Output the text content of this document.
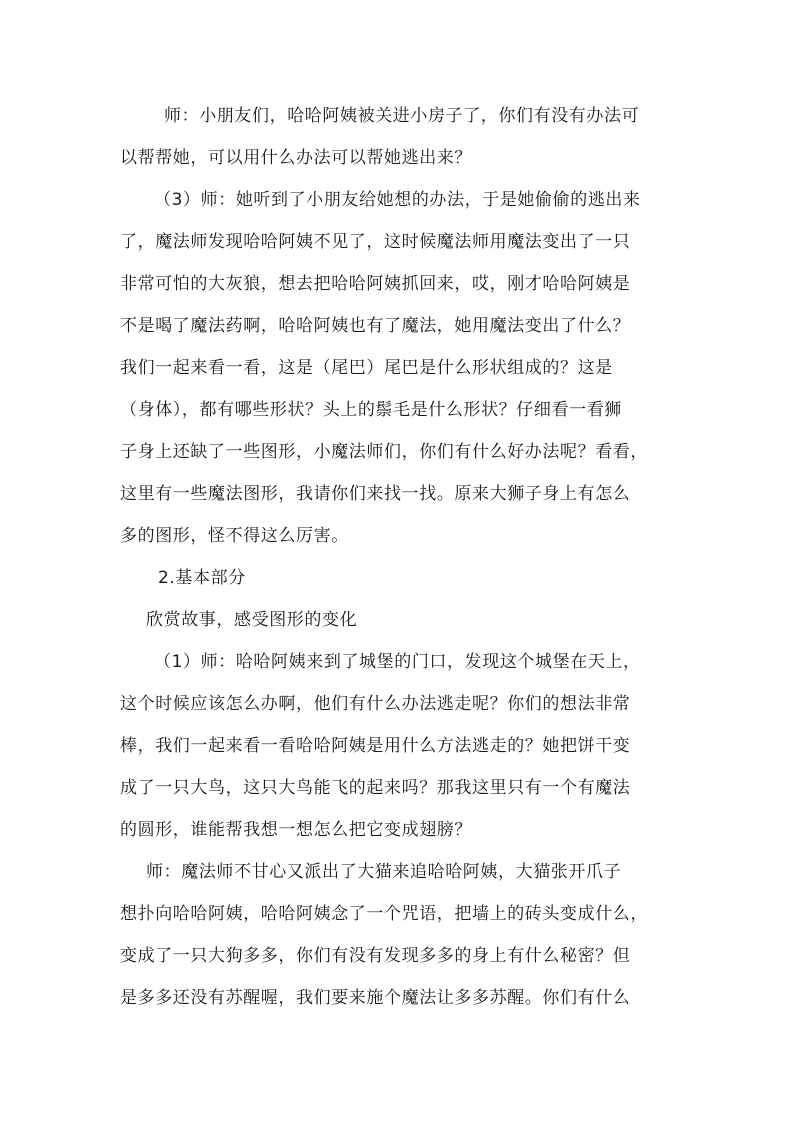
师：小朋友们，哈哈阿姨被关进小房子了，你们有没有办法可
以帮帮她，可以用什么办法可以帮她逃出来？
（3）师：她听到了小朋友给她想的办法，于是她偷偷的逃出来
了，魔法师发现哈哈阿姨不见了，这时候魔法师用魔法变出了一只
非常可怕的大灰狼，想去把哈哈阿姨抓回来，哎，刚才哈哈阿姨是
不是喝了魔法药啊，哈哈阿姨也有了魔法，她用魔法变出了什么？
我们一起来看一看，这是（尾巴）尾巴是什么形状组成的？这是
（身体），都有哪些形状？头上的鬃毛是什么形状？仔细看一看狮
子身上还缺了一些图形，小魔法师们，你们有什么好办法呢？看看，
这里有一些魔法图形，我请你们来找一找。原来大狮子身上有怎么
多的图形，怪不得这么厉害。
2.基本部分
欣赏故事，感受图形的变化
（1）师：哈哈阿姨来到了城堡的门口，发现这个城堡在天上，
这个时候应该怎么办啊，他们有什么办法逃走呢？你们的想法非常
棒，我们一起来看一看哈哈阿姨是用什么方法逃走的？她把饼干变
成了一只大鸟，这只大鸟能飞的起来吗？那我这里只有一个有魔法
的圆形，谁能帮我想一想怎么把它变成翅膀？
师：魔法师不甘心又派出了大猫来追哈哈阿姨，大猫张开爪子
想扑向哈哈阿姨，哈哈阿姨念了一个咒语，把墙上的砖头变成什么，
变成了一只大狗多多，你们有没有发现多多的身上有什么秘密？但
是多多还没有苏醒喔，我们要来施个魔法让多多苏醒。你们有什么
